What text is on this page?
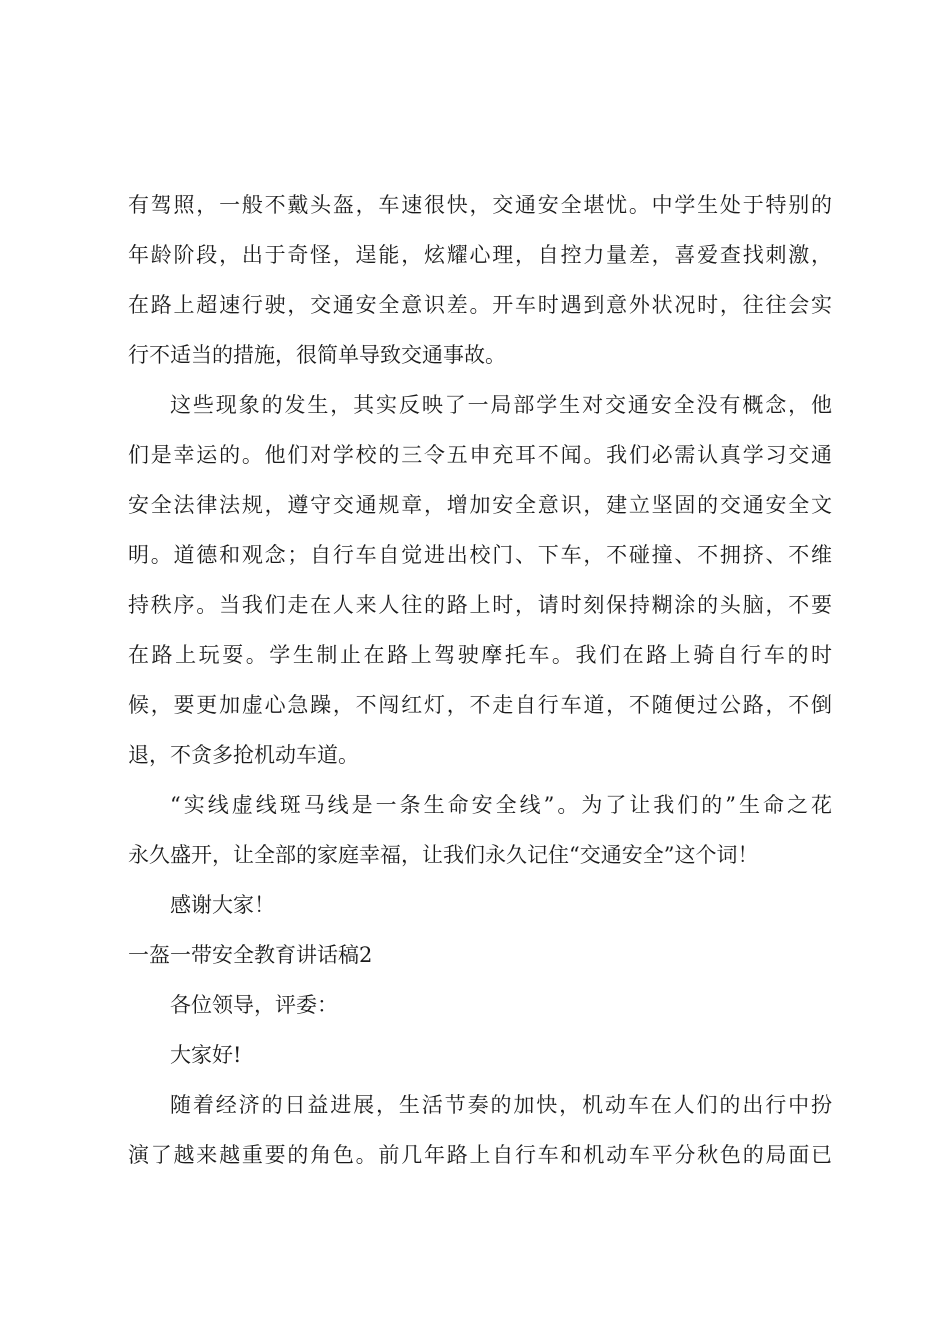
有驾照，一般不戴头盔，车速很快，交通安全堪忧。中学生处于特别的
年龄阶段，出于奇怪，逞能，炫耀心理，自控力量差，喜爱查找刺激，
在路上超速行驶，交通安全意识差。开车时遇到意外状况时，往往会实
行不适当的措施，很简单导致交通事故。
这些现象的发生，其实反映了一局部学生对交通安全没有概念，他
们是幸运的。他们对学校的三令五申充耳不闻。我们必需认真学习交通
安全法律法规，遵守交通规章，增加安全意识，建立坚固的交通安全文
明。道德和观念；自行车自觉进出校门、下车，不碰撞、不拥挤、不维
持秩序。当我们走在人来人往的路上时，请时刻保持糊涂的头脑，不要
在路上玩耍。学生制止在路上驾驶摩托车。我们在路上骑自行车的时
候，要更加虚心急躁，不闯红灯，不走自行车道，不随便过公路，不倒
退，不贪多抢机动车道。
“实线虚线斑马线是一条生命安全线”。为了让我们的”生命之花
永久盛开，让全部的家庭幸福，让我们永久记住“交通安全”这个词！
感谢大家！
一盔一带安全教育讲话稿2
各位领导，评委：
大家好!
随着经济的日益进展，生活节奏的加快，机动车在人们的出行中扮
演了越来越重要的角色。前几年路上自行车和机动车平分秋色的局面已
